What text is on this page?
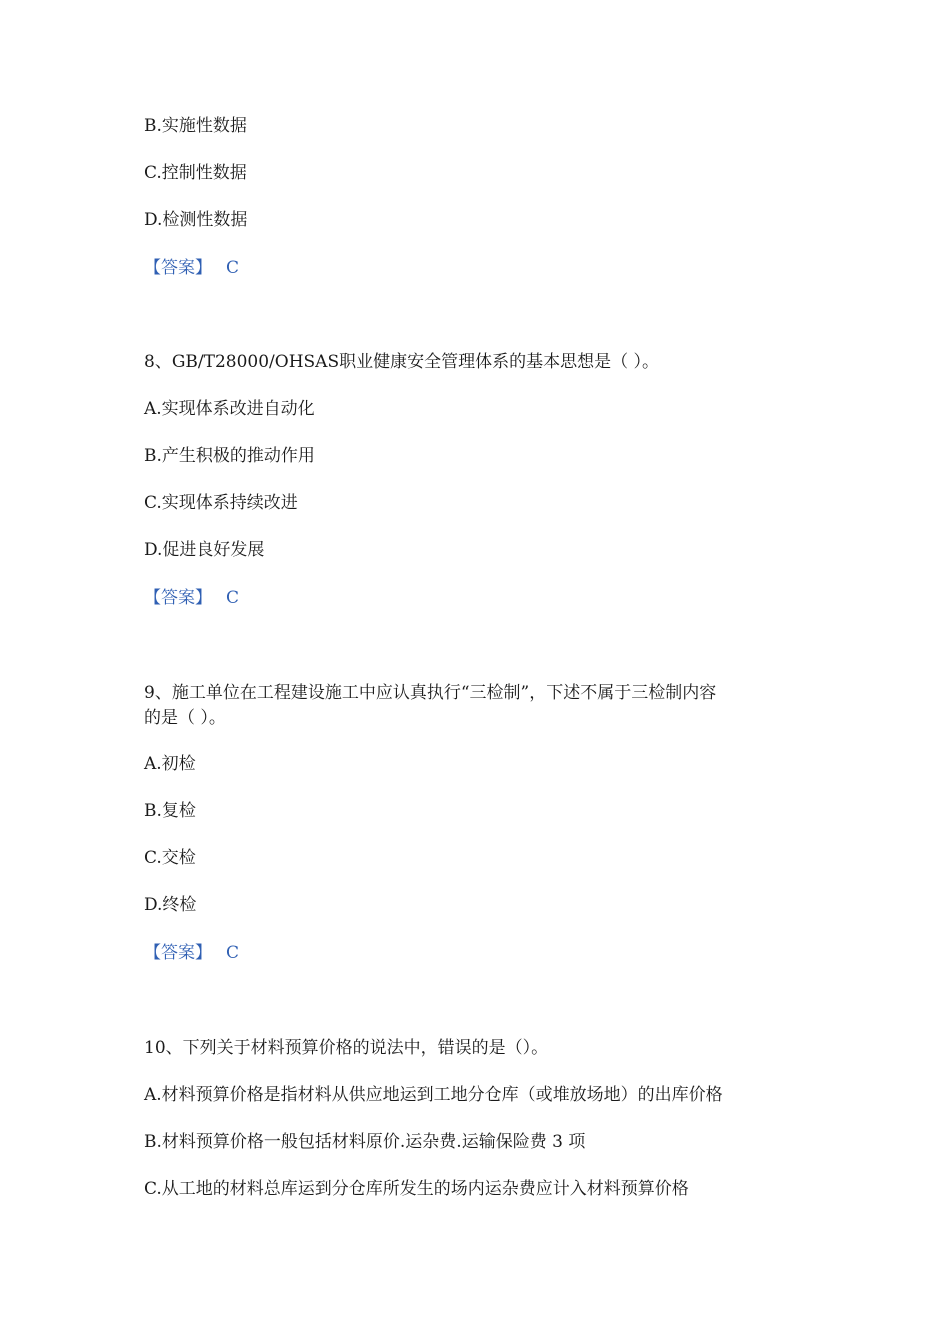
B.实施性数据
C.控制性数据
D.检测性数据
【答案】 C
8、GB/T28000/OHSAS职业健康安全管理体系的基本思想是（ ）。
A.实现体系改进自动化
B.产生积极的推动作用
C.实现体系持续改进
D.促进良好发展
【答案】 C
9、施工单位在工程建设施工中应认真执行“三检制”，下述不属于三检制内容
的是（ ）。
A.初检
B.复检
C.交检
D.终检
【答案】 C
10、下列关于材料预算价格的说法中，错误的是（）。
A.材料预算价格是指材料从供应地运到工地分仓库（或堆放场地）的出库价格
B.材料预算价格一般包括材料原价.运杂费.运输保险费 3 项
C.从工地的材料总库运到分仓库所发生的场内运杂费应计入材料预算价格
